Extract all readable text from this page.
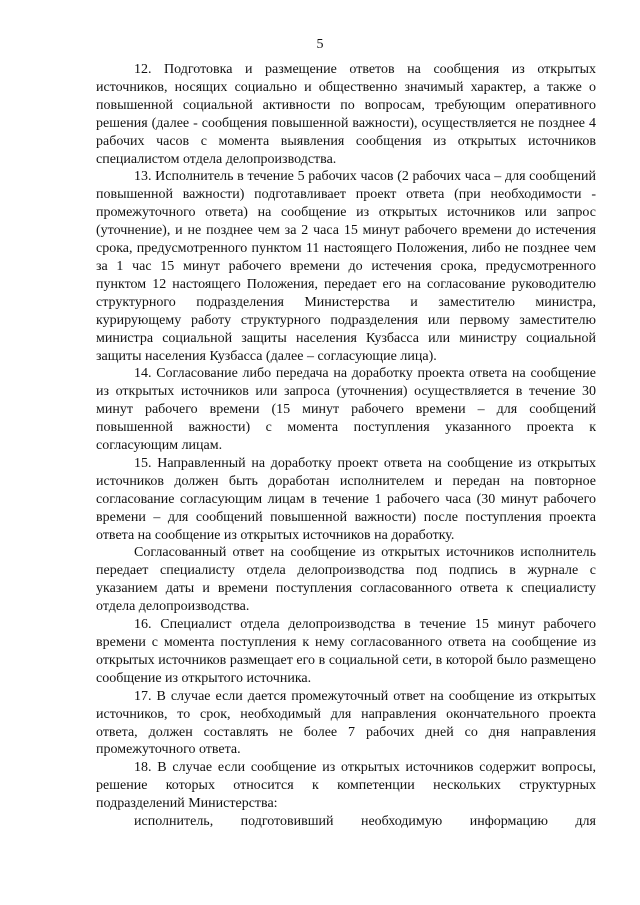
5

12. Подготовка и размещение ответов на сообщения из открытых источников, носящих социально и общественно значимый характер, а также о повышенной социальной активности по вопросам, требующим оперативного решения (далее - сообщения повышенной важности), осуществляется не позднее 4 рабочих часов с момента выявления сообщения из открытых источников специалистом отдела делопроизводства.

13. Исполнитель в течение 5 рабочих часов (2 рабочих часа – для сообщений повышенной важности) подготавливает проект ответа (при необходимости - промежуточного ответа) на сообщение из открытых источников или запрос (уточнение), и не позднее чем за 2 часа 15 минут рабочего времени до истечения срока, предусмотренного пунктом 11 настоящего Положения, либо не позднее чем за 1 час 15 минут рабочего времени до истечения срока, предусмотренного пунктом 12 настоящего Положения, передает его на согласование руководителю структурного подразделения Министерства и заместителю министра, курирующему работу структурного подразделения или первому заместителю министра социальной защиты населения Кузбасса или министру социальной защиты населения Кузбасса (далее – согласующие лица).

14. Согласование либо передача на доработку проекта ответа на сообщение из открытых источников или запроса (уточнения) осуществляется в течение 30 минут рабочего времени (15 минут рабочего времени – для сообщений повышенной важности) с момента поступления указанного проекта к согласующим лицам.

15. Направленный на доработку проект ответа на сообщение из открытых источников должен быть доработан исполнителем и передан на повторное согласование согласующим лицам в течение 1 рабочего часа (30 минут рабочего времени – для сообщений повышенной важности) после поступления проекта ответа на сообщение из открытых источников на доработку.

Согласованный ответ на сообщение из открытых источников исполнитель передает специалисту отдела делопроизводства под подпись в журнале с указанием даты и времени поступления согласованного ответа к специалисту отдела делопроизводства.

16. Специалист отдела делопроизводства в течение 15 минут рабочего времени с момента поступления к нему согласованного ответа на сообщение из открытых источников размещает его в социальной сети, в которой было размещено сообщение из открытого источника.

17. В случае если дается промежуточный ответ на сообщение из открытых источников, то срок, необходимый для направления окончательного проекта ответа, должен составлять не более 7 рабочих дней со дня направления промежуточного ответа.

18. В случае если сообщение из открытых источников содержит вопросы, решение которых относится к компетенции нескольких структурных подразделений Министерства:

исполнитель, подготовивший необходимую информацию для
